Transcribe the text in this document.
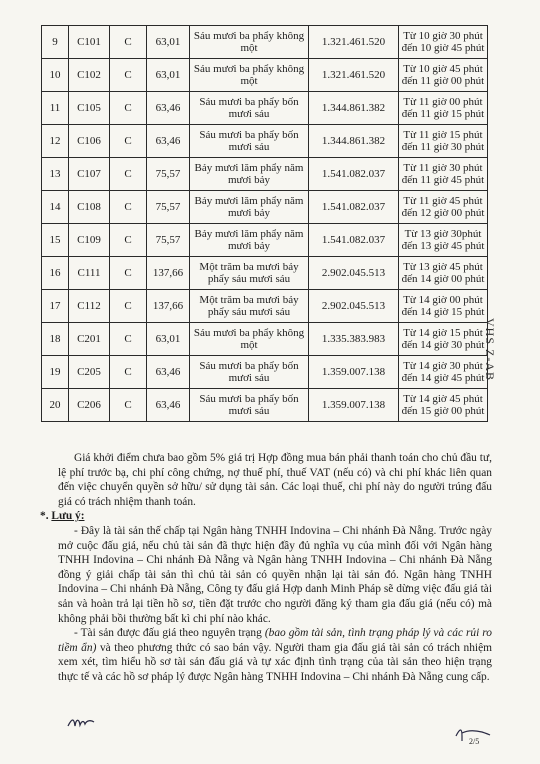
9	C101	C	63,01	Sáu mươi ba phẩy không một	1.321.461.520	Từ 10 giờ 30 phút đến 10 giờ 45 phút
10	C102	C	63,01	Sáu mươi ba phẩy không một	1.321.461.520	Từ 10 giờ 45 phút đến 11 giờ 00 phút
11	C105	C	63,46	Sáu mươi ba phẩy bốn mươi sáu	1.344.861.382	Từ 11 giờ 00 phút đến 11 giờ 15 phút
12	C106	C	63,46	Sáu mươi ba phẩy bốn mươi sáu	1.344.861.382	Từ 11 giờ 15 phút đến 11 giờ 30 phút
13	C107	C	75,57	Bảy mươi lăm phẩy năm mươi bảy	1.541.082.037	Từ 11 giờ 30 phút đến 11 giờ 45 phút
14	C108	C	75,57	Bảy mươi lăm phẩy năm mươi bảy	1.541.082.037	Từ 11 giờ 45 phút đến 12 giờ 00 phút
15	C109	C	75,57	Bảy mươi lăm phẩy năm mươi bảy	1.541.082.037	Từ 13 giờ 30phút đến 13 giờ 45 phút
16	C111	C	137,66	Một trăm ba mươi bảy phẩy sáu mươi sáu	2.902.045.513	Từ 13 giờ 45 phút đến 14 giờ 00 phút
17	C112	C	137,66	Một trăm ba mươi bảy phẩy sáu mươi sáu	2.902.045.513	Từ 14 giờ 00 phút đến 14 giờ 15 phút
18	C201	C	63,01	Sáu mươi ba phẩy không một	1.335.383.983	Từ 14 giờ 15 phút đến 14 giờ 30 phút
19	C205	C	63,46	Sáu mươi ba phẩy bốn mươi sáu	1.359.007.138	Từ 14 giờ 30 phút đến 14 giờ 45 phút
20	C206	C	63,46	Sáu mươi ba phẩy bốn mươi sáu	1.359.007.138	Từ 14 giờ 45 phút đến 15 giờ 00 phút

Giá khởi điểm chưa bao gồm 5% giá trị Hợp đồng mua bán phải thanh toán cho chủ đầu tư, lệ phí trước bạ, chi phí công chứng, nợ thuế phí, thuế VAT (nếu có) và chi phí khác liên quan đến việc chuyển quyền sở hữu/ sử dụng tài sản. Các loại thuế, chi phí này do người trúng đấu giá có trách nhiệm thanh toán.

*. Lưu ý:

- Đây là tài sản thế chấp tại Ngân hàng TNHH Indovina – Chi nhánh Đà Nẵng. Trước ngày mở cuộc đấu giá, nếu chủ tài sản đã thực hiện đầy đủ nghĩa vụ của mình đối với Ngân hàng TNHH Indovina – Chi nhánh Đà Nẵng và Ngân hàng TNHH Indovina – Chi nhánh Đà Nẵng đồng ý giải chấp tài sản thì chủ tài sản có quyền nhận lại tài sản đó. Ngân hàng TNHH Indovina – Chi nhánh Đà Nẵng, Công ty đấu giá Hợp danh Minh Pháp sẽ dừng việc đấu giá tài sản và hoàn trả lại tiền hồ sơ, tiền đặt trước cho người đăng ký tham gia đấu giá (nếu có) mà không phải bồi thường bất kì chi phí nào khác.

- Tài sản được đấu giá theo nguyên trạng (bao gồm tài sản, tình trạng pháp lý và các rủi ro tiềm ẩn) và theo phương thức có sao bán vậy. Người tham gia đấu giá tài sản có trách nhiệm xem xét, tìm hiểu hồ sơ tài sản đấu giá và tự xác định tình trạng của tài sản theo hiện trạng thực tế và các hồ sơ pháp lý được Ngân hàng TNHH Indovina – Chi nhánh Đà Nẵng cung cấp.

VHS Z-AB
2/5
